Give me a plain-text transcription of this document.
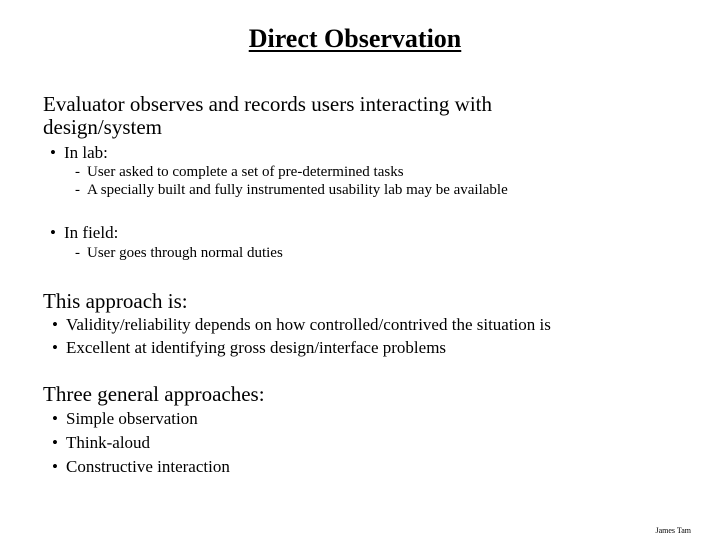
Direct Observation
Evaluator observes and records users interacting with
design/system
• In lab:
- User asked to complete a set of pre-determined tasks
- A specially built and fully instrumented usability lab may be available
• In field:
- User goes through normal duties
This approach is:
• Validity/reliability depends on how controlled/contrived the situation is
• Excellent at identifying gross design/interface problems
Three general approaches:
• Simple observation
• Think-aloud
• Constructive interaction
James Tam
